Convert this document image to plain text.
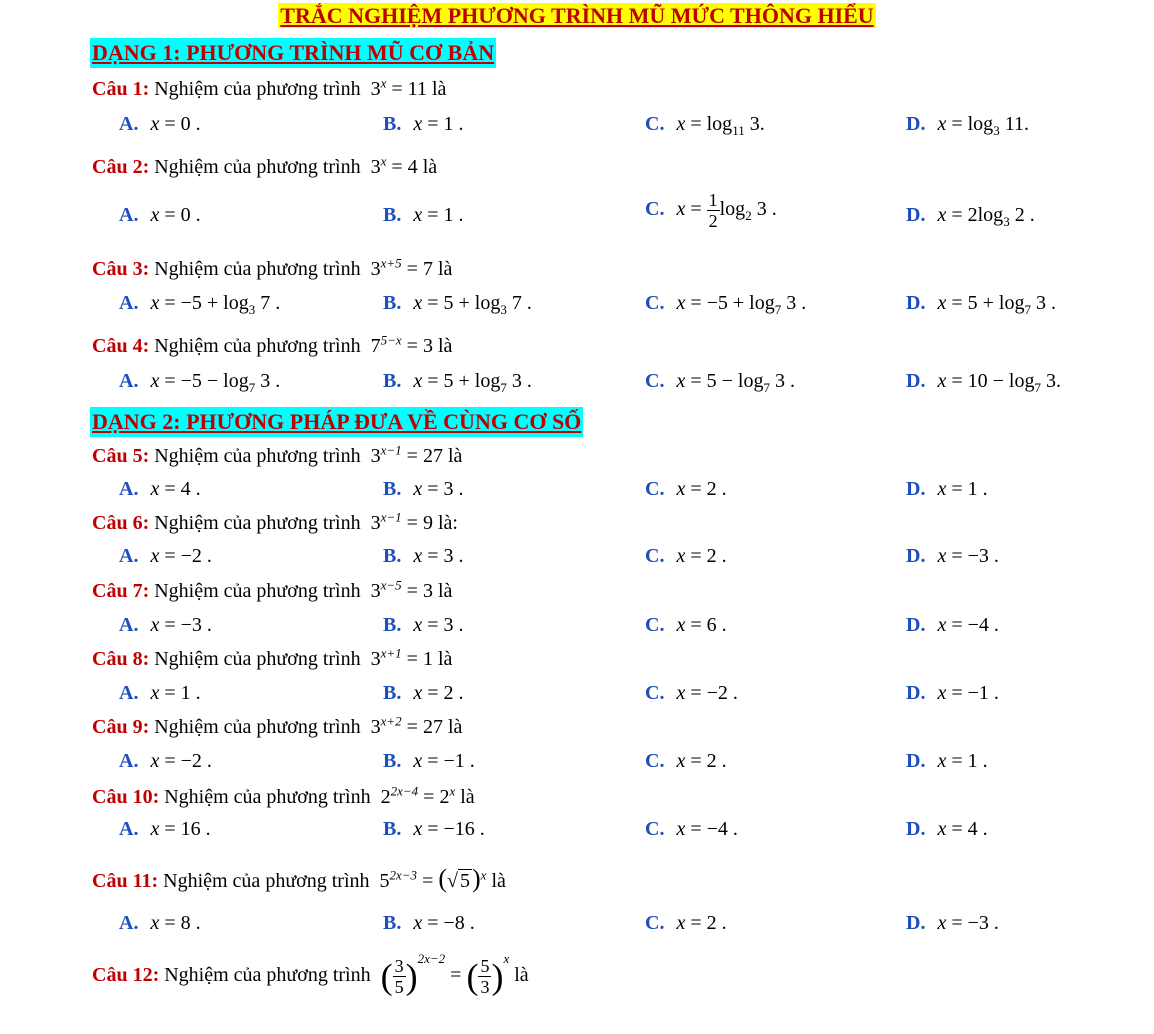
TRẮC NGHIỆM PHƯƠNG TRÌNH MŨ MỨC THÔNG HIỂU
DẠNG 1: PHƯƠNG TRÌNH MŨ CƠ BẢN
Câu 1: Nghiệm của phương trình $3^x = 11$ là
A. x = 0 .	B. x = 1 .	C. $x = \log_{11} 3$.	D. $x = \log_3 11$.
Câu 2: Nghiệm của phương trình  $3^x = 4$ là
A. x = 0 .	B. x = 1 .	C. $x = \frac{1}{2} \log_2 3$ .	D. $x = 2\log_3$ 2 .
Câu 3: Nghiệm của phương trình  $3^{x+5} = 7$ là
A. $x = -5 + \log_3 7$ .	B. $x = 5 + \log_3 7$ .	C. $x = -5 + \log_7 3$ .	D. $x = 5 + \log_7 3$ .
Câu 4: Nghiệm của phương trình  $7^{5-x} = 3$ là
A. $x = -5 - \log_7 3$ .	B. $x = 5 + \log_7 3$ .	C. $x = 5 - \log_7 3$ .	D. $x = 10 - \log_7 3$.
DẠNG 2: PHƯƠNG PHÁP ĐƯA VỀ CÙNG CƠ SỐ
Câu 5: Nghiệm của phương trình  $3^{x-1} = 27$ là
A. x = 4 .	B. x = 3 .	C. x = 2 .	D. x = 1 .
Câu 6: Nghiệm của phương trình  $3^{x-1} = 9$ là:
A. x = −2 .	B. x = 3 .	C. x = 2 .	D. x = −3 .
Câu 7: Nghiệm của phương trình  $3^{x-5} = 3$ là
A. x = −3 .	B. x = 3 .	C. x = 6 .	D. x = −4 .
Câu 8: Nghiệm của phương trình  $3^{x+1} = 1$ là
A. x = 1 .	B. x = 2 .	C. x = −2 .	D. x = −1 .
Câu 9: Nghiệm của phương trình  $3^{x+2} = 27$ là
A. x = −2 .	B. x = −1 .	C. x = 2 .	D. x = 1 .
Câu 10: Nghiệm của phương trình  $2^{2x-4} = 2^x$ là
A. x = 16 .	B. x = −16 .	C. x = −4 .	D. x = 4 .
Câu 11: Nghiệm của phương trình  $5^{2x-3}$ = (√ 5)$^x$ là
A. x = 8 .	B. x = −8 .	C. x = 2 .	D. x = −3 .
Câu 12: Nghiệm của phương trình ( $\frac{3}{5} )^{2x-2}$ = ( $\frac{5}{3} )^x$ là
